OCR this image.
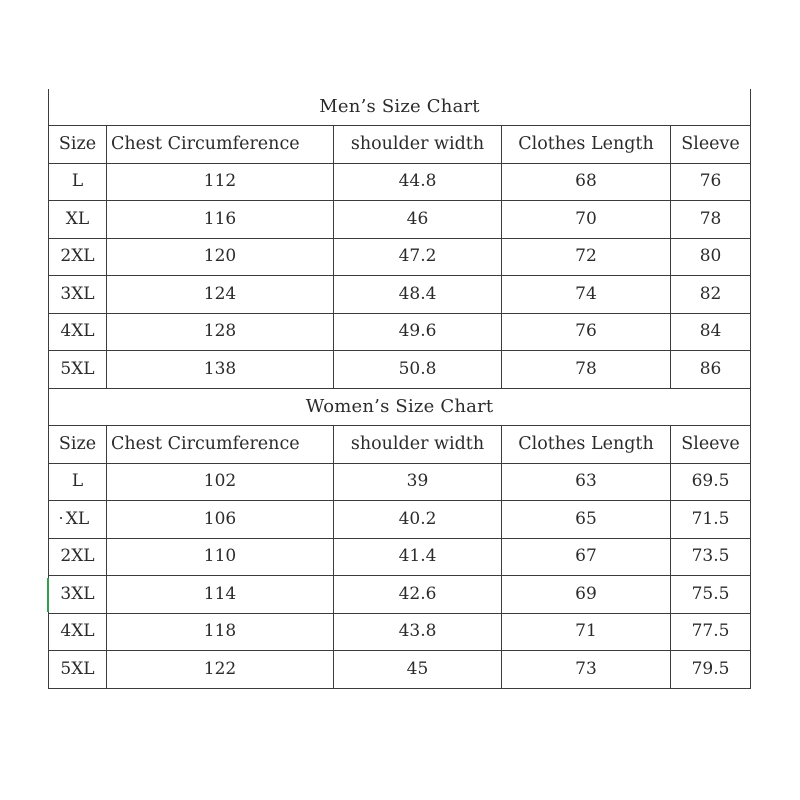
Men’s Size Chart				
Size	Chest Circumference	shoulder width	Clothes Length	Sleeve
L	112	44.8	68	76
XL	116	46	70	78
2XL	120	47.2	72	80
3XL	124	48.4	74	82
4XL	128	49.6	76	84
5XL	138	50.8	78	86
Women’s Size Chart				
Size	Chest Circumference	shoulder width	Clothes Length	Sleeve
L	102	39	63	69.5
XL	106	40.2	65	71.5
2XL	110	41.4	67	73.5
3XL	114	42.6	69	75.5
4XL	118	43.8	71	77.5
5XL	122	45	73	79.5
